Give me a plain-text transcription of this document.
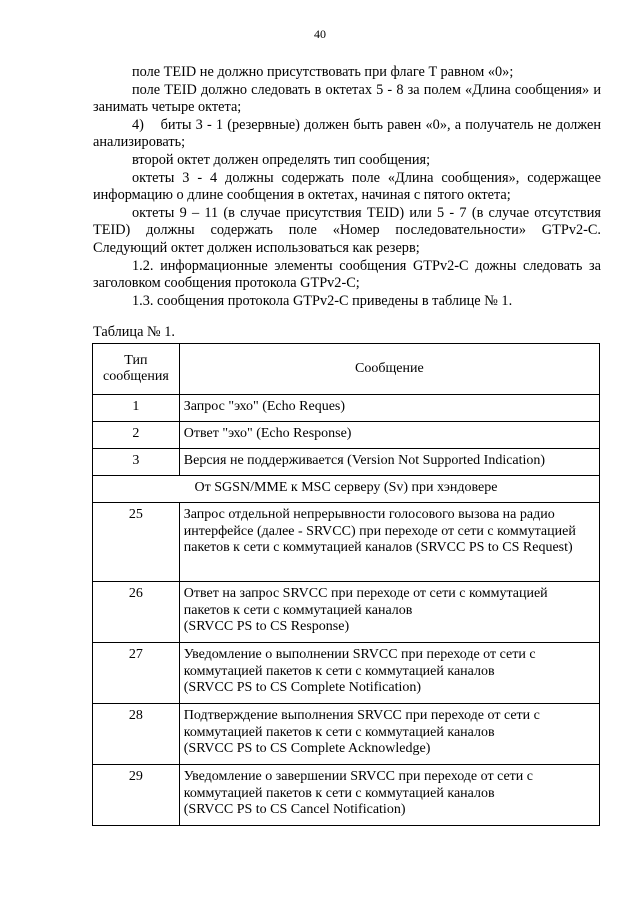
40

поле TEID не должно присутствовать при флаге T равном «0»;

поле TEID должно следовать в октетах 5 - 8 за полем «Длина сообщения» и занимать четыре октета;

4)    биты 3 - 1 (резервные) должен быть равен «0», а получатель не должен анализировать;

второй октет должен определять тип сообщения;

октеты 3 - 4 должны содержать поле «Длина сообщения», содержащее информацию о длине сообщения в октетах, начиная с пятого октета;

октеты 9 – 11 (в случае присутствия TEID) или 5 - 7 (в случае отсутствия TEID) должны содержать поле «Номер последовательности» GTPv2-C. Следующий октет должен использоваться как резерв;

1.2. информационные элементы сообщения GTPv2-C дожны следовать за заголовком сообщения протокола GTPv2-C;

1.3. сообщения протокола GTPv2-C приведены в таблице № 1.

Таблица № 1.
Тип сообщения	Сообщение
1	Запрос "эхо" (Echo Reques)
2	Ответ "эхо" (Echo Response)
3	Версия не поддерживается (Version Not Supported Indication)
От SGSN/MME к MSC серверу (Sv) при хэндовере	
25	Запрос отдельной непрерывности голосового вызова на радио интерфейсе (далее - SRVCC) при переходе от сети с коммутацией пакетов к сети с коммутацией каналов (SRVCC PS to CS Request)
26	Ответ на запрос SRVCC при переходе от сети с коммутацией пакетов к сети с коммутацией каналов
(SRVCC PS to CS Response)
27	Уведомление о выполнении SRVCC при переходе от сети с коммутацией пакетов к сети с коммутацией каналов
(SRVCC PS to CS Complete Notification)
28	Подтверждение выполнения SRVCC при переходе от сети с коммутацией пакетов к сети с коммутацией каналов
(SRVCC PS to CS Complete Acknowledge)
29	Уведомление о завершении SRVCC при переходе от сети с коммутацией пакетов к сети с коммутацией каналов
(SRVCC PS to CS Cancel Notification)
